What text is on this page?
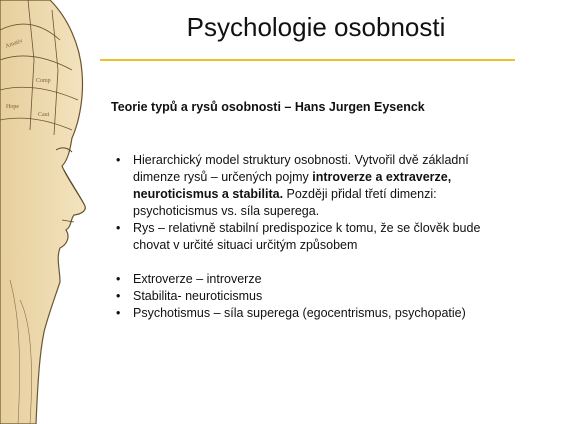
Amativ
Comp
Hope
Caut
Psychologie osobnosti
Teorie typů a rysů osobnosti – Hans Jurgen Eysenck
• Hierarchický model struktury osobnosti. Vytvořil dvě základní dimenze rysů – určených pojmy introverze a extraverze, neuroticismus a stabilita. Později přidal třetí dimenzi: psychoticismus vs. síla superega.
• Rys – relativně stabilní predispozice k tomu, že se člověk bude chovat v určité situaci určitým způsobem
• Extroverze – introverze
• Stabilita- neuroticismus
• Psychotismus – síla superega (egocentrismus, psychopatie)
